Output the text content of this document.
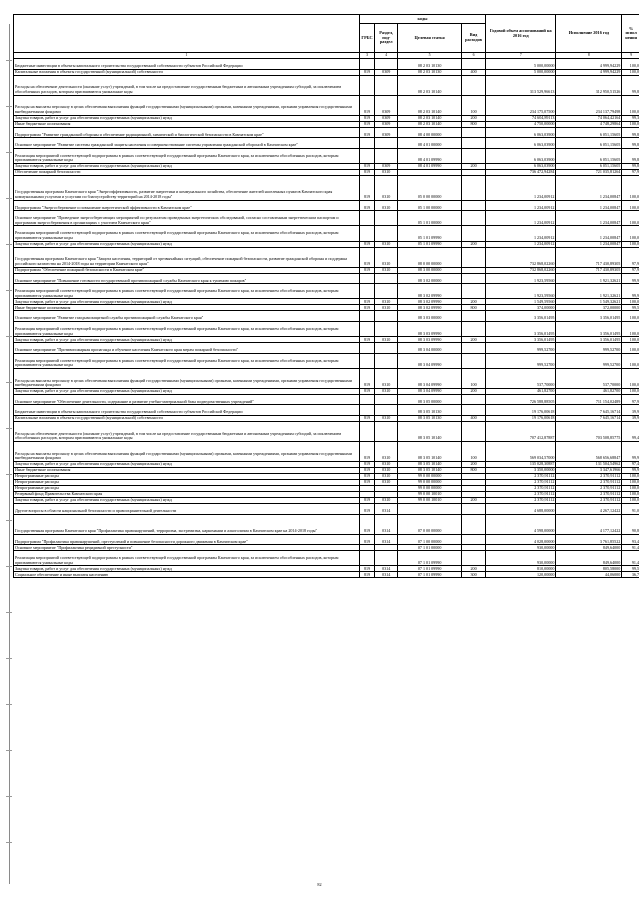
	коды				Годовой объем ассигнований на 2016 год	Исполнение 2016 год	% испол нения
	ГРБС	Раздел, под- раздел	Целевая статья	Вид расходов			
1	3	4	5	6	7	8	9
Бюджетные инвестиции в объекты капитального строительства государственной собственности субъектов Российской Федерации			08 2 03 10130		5 000,00000	4 999,94229	100,0
Капитальные вложения в объекты государственной (муниципальной) собственности	819	0309	08 2 03 10130	400	5 000,00000	4 999,94229	100,0
Расходы на обеспечение деятельности (оказание услуг) учреждений, в том числе на предоставление государственным бюджетным и автономным учреждениям субсидий, за исключением обособленных расходов, которым присваиваются уникальные коды			08 2 03 10140		313 529,96613	312 950,51526	99,8
Расходы на выплаты персоналу в целях обеспечения выполнения функций государственными (муниципальными) органами, казенными учреждениями, органами управления государственными внебюджетными фондами	819	0309	08 2 03 10140	100	234 175,07500	234 137,79498	100,0
Закупка товаров, работ и услуг для обеспечения государственных (муниципальных) нужд	819	0309	08 2 03 10140	200	74 604,89113	74 064,42164	99,3
Иные бюджетные ассигнования	819	0309	08 2 03 10140	800	4 750,00000	4 748,29864	100,0
Подпрограмма "Развитие гражданской обороны и обеспечение радиационной, химической и биологической безопасности в Камчатском крае"	819	0309	08 4 00 00000		6 063,03900	6 051,15605	99,8
Основное мероприятие "Развитие системы гражданской защиты населения и совершенствование системы управления гражданской обороной в Камчатском крае"			08 4 01 00000		6 063,03900	6 051,15605	99,8
Реализация мероприятий соответствующей подпрограммы в рамках соответствующей государственной программы Камчатского края, за исключением обособленных расходов, которым присваиваются уникальные коды			08 4 01 09990		6 063,03900	6 051,15605	99,8
Закупка товаров, работ и услуг для обеспечения государственных (муниципальных) нужд	819	0309	08 4 01 09990	200	6 063,03900	6 051,15605	99,8
Обеспечение пожарной безопасности	819	0310			736 472,94284	721 035,81264	97,9
Государственная программа Камчатского края "Энергоэффективность, развитие энергетики и коммунального хозяйства, обеспечение жителей населенных пунктов Камчатского края коммунальными услугами и услугами по благоустройству территорий на 2014-2018 годы"	819	0310	05 0 00 00000		1 234,00912	1 234,00847	100,0
Подпрограмма "Энергосбережение и повышение энергетической эффективности в Камчатском крае"	819	0310	05 1 00 00000		1 234,00912	1 234,00847	100,0
Основное мероприятие "Проведение энергосберегающих мероприятий по результатам проведенных энергетических обследований, согласно составленным энергетическим паспортам и программам энергосбережения в организациях с участием Камчатского края"			05 1 01 00000		1 234,00912	1 234,00847	100,0
Реализация мероприятий соответствующей подпрограммы в рамках соответствующей государственной программы Камчатского края, за исключением обособленных расходов, которым присваиваются уникальные коды			05 1 01 09990		1 234,00912	1 234,00847	100,0
Закупка товаров, работ и услуг для обеспечения государственных (муниципальных) нужд	819	0310	05 1 01 09990	200	1 234,00912	1 234,00847	100,0
Государственная программа Камчатского края "Защита населения, территорий от чрезвычайных ситуаций, обеспечение пожарной безопасности, развитие гражданской обороны и поддержка российского казачества на 2014-2018 годы на территории Камчатского края"	819	0310	08 0 00 00000		732 868,02260	717 430,89305	97,9
Подпрограмма "Обеспечение пожарной безопасности в Камчатском крае"	819	0310	08 3 00 00000		732 868,02260	717 430,89305	97,9
Основное мероприятие "Повышение готовности государственной противопожарной службы Камчатского края к тушению пожаров"			08 3 02 00000		1 923,59560	1 921,32621	99,9
Реализация мероприятий соответствующей подпрограммы в рамках соответствующей государственной программы Камчатского края, за исключением обособленных расходов, которым присваиваются уникальные коды			08 3 02 09990		1 923,59560	1 921,32621	99,9
Закупка товаров, работ и услуг для обеспечения государственных (муниципальных) нужд	819	0310	08 3 02 09990	200	1 549,59560	1 549,32621	100,0
Иные бюджетные ассигнования	819	0310	08 3 02 09990	800	374,00000	372,00000	99,5
Основное мероприятие "Развитие газодымозащитной службы противопожарной службы Камчатского края"			08 3 03 00000		3 356,01495	3 356,01495	100,0
Реализация мероприятий соответствующей подпрограммы в рамках соответствующей государственной программы Камчатского края, за исключением обособленных расходов, которым присваиваются уникальные коды			08 3 03 09990		3 356,01495	3 356,01495	100,0
Закупка товаров, работ и услуг для обеспечения государственных (муниципальных) нужд	819	0310	08 3 03 09990	200	3 356,01495	3 356,01495	100,0
Основное мероприятие "Противопожарная пропаганда и обучение населения Камчатского края мерам пожарной безопасности"			08 3 04 00000		999,52700	999,52700	100,0
Реализация мероприятий соответствующей подпрограммы в рамках соответствующей государственной программы Камчатского края, за исключением обособленных расходов, которым присваиваются уникальные коды			08 3 04 09990		999,52700	999,52700	100,0
Расходы на выплаты персоналу в целях обеспечения выполнения функций государственными (муниципальными) органами, казенными учреждениями, органами управления государственными внебюджетными фондами	819	0310	08 3 04 09990	100	537,70000	537,70000	100,0
Закупка товаров, работ и услуг для обеспечения государственных (муниципальных) нужд	819	0310	08 3 04 09990	200	461,82700	461,82700	100,0
Основное мероприятие "Обеспечение деятельности, содержание и развитие учебно-материальной базы подведомственных учреждений"			08 3 05 00000		726 588,88505	711 154,02489	97,9
Бюджетные инвестиции в объекты капитального строительства государственной собственности субъектов Российской Федерации			08 3 05 10130		19 176,00618	7 645,16714	39,9
Капитальные вложения в объекты государственной (муниципальной) собственности	819	0310	08 3 05 10130	400	19 176,00618	7 645,16714	39,9
Расходы на обеспечение деятельности (оказание услуг) учреждений, в том числе на предоставление государственным бюджетным и автономным учреждениям субсидий, за исключением обособленных расходов, которым присваиваются уникальные коды			08 3 05 10140		707 412,87887	703 508,85775	99,4
Расходы на выплаты персоналу в целях обеспечения выполнения функций государственными (муниципальными) органами, казенными учреждениями, органами управления государственными внебюджетными фондами	819	0310	08 3 05 10140	100	569 034,57000	568 656,68847	99,9
Закупка товаров, работ и услуг для обеспечения государственных (муниципальных) нужд	819	0310	08 3 05 10140	200	135 028,30887	131 504,54962	97,4
Иные бюджетные ассигнования	819	0310	08 3 05 10140	800	3 350,00000	3 347,61966	99,9
Непрограммные расходы	819	0310	99 0 00 00000		2 370,91112	2 370,91112	100,0
Непрограммные расходы	819	0310	99 0 00 00000		2 370,91112	2 370,91112	100,0
Непрограммные расходы			99 0 00 00000		2 370,91112	2 370,91112	100,0
Резервный фонд Правительства Камчатского края			99 0 00 10010		2 370,91112	2 370,91112	100,0
Закупка товаров, работ и услуг для обеспечения государственных (муниципальных) нужд	819	0310	99 0 00 10010	200	2 370,91112	2 370,91112	100,0
Другие вопросы в области национальной безопасности и правоохранительной деятельности	819	0314			4 688,00000	4 267,12422	91,0
Государственная программа Камчатского края "Профилактика правонарушений, терроризма, экстремизма, наркомании и алкоголизма в Камчатском крае на 2014-2018 годы"	819	0314	07 0 00 00000		4 598,00000	4 177,12422	90,8
Подпрограмма "Профилактика правонарушений, преступлений и повышение безопасности дорожного движения в Камчатском крае"	819	0314	07 1 00 00000		4 028,00000	3 761,85522	93,4
Основное мероприятие "Профилактика рецидивной преступности"			07 1 01 00000		930,00000	849,64000	91,4
Реализация мероприятий соответствующей подпрограммы в рамках соответствующей государственной программы Камчатского края, за исключением обособленных расходов, которым присваиваются уникальные коды			07 1 01 09990		930,00000	849,64000	91,4
Закупка товаров, работ и услуг для обеспечения государственных (муниципальных) нужд	819	0314	07 1 01 09990	200	810,00000	805,58000	99,5
Социальное обеспечение и иные выплаты населению	819	0314	07 1 01 09990	300	120,00000	44,06000	36,7
82
